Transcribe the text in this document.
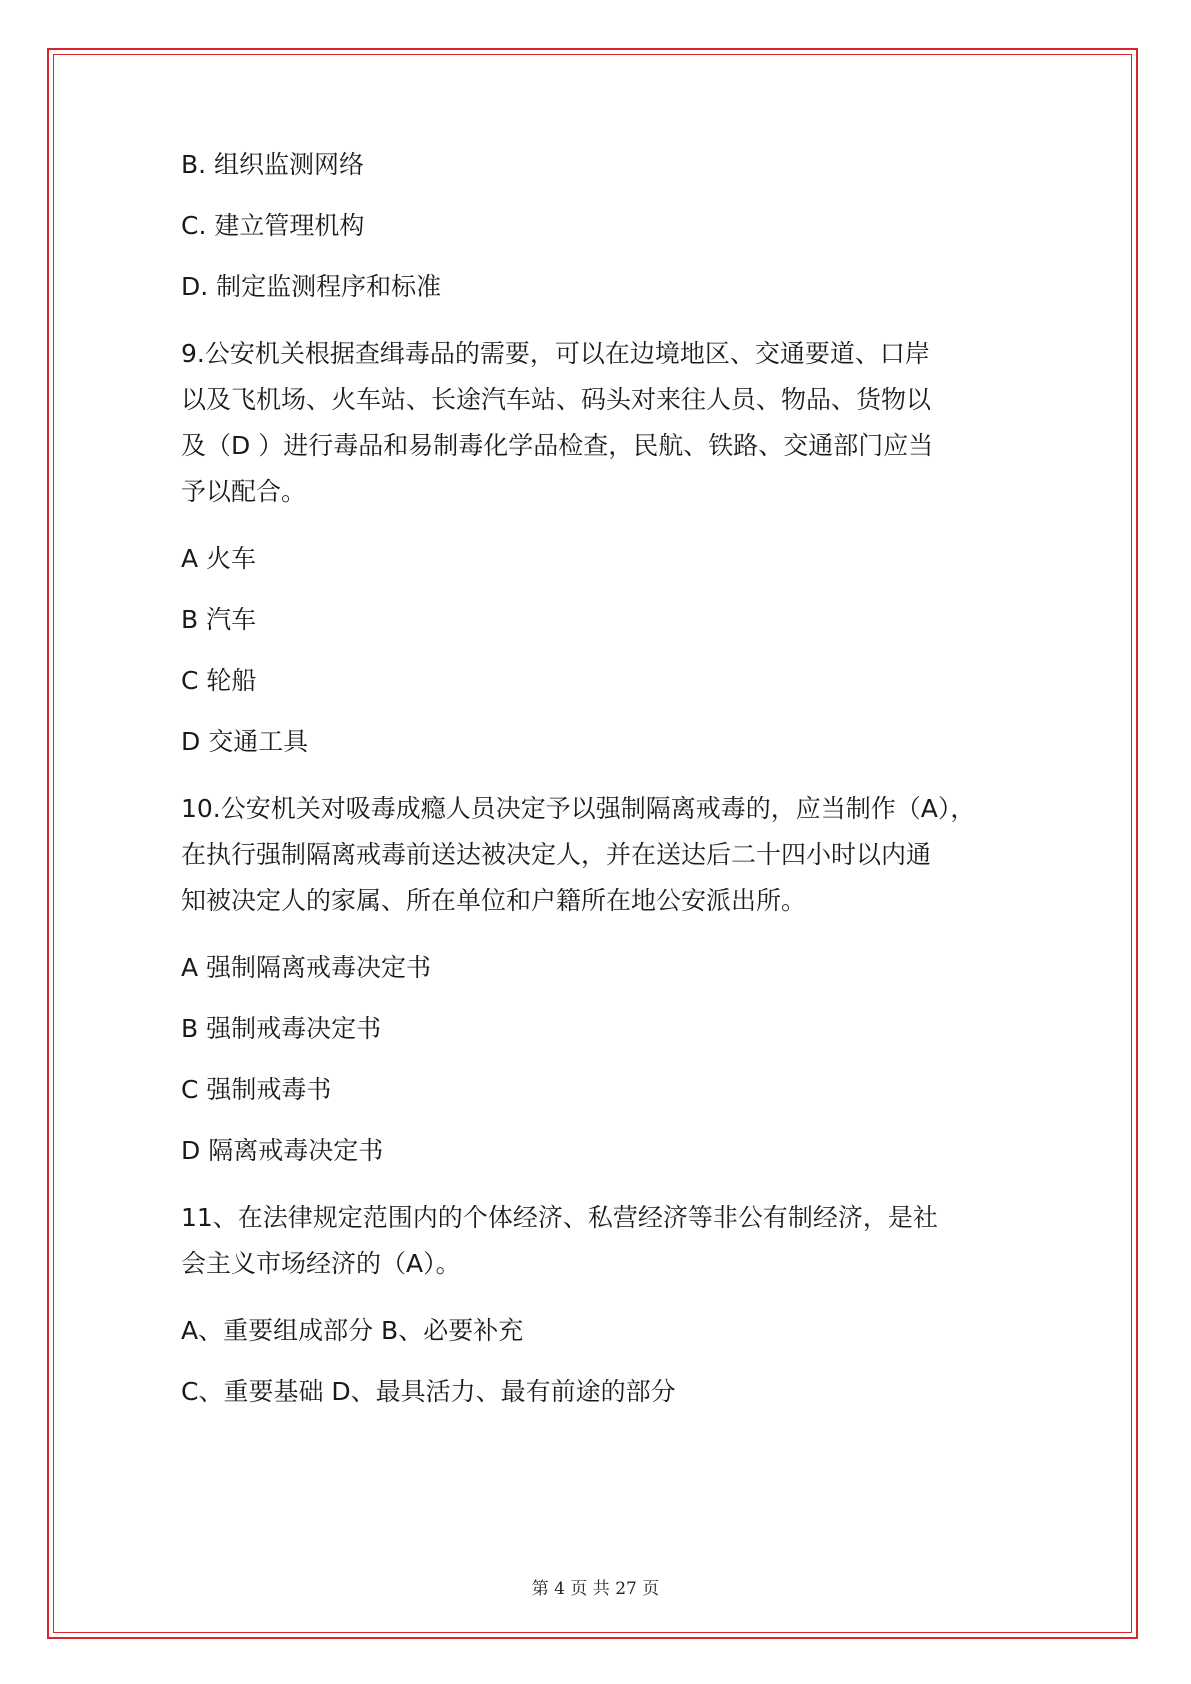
B. 组织监测网络

C. 建立管理机构

D. 制定监测程序和标准

9.公安机关根据查缉毒品的需要，可以在边境地区、交通要道、口岸

以及飞机场、火车站、长途汽车站、码头对来往人员、物品、货物以

及（D ）进行毒品和易制毒化学品检查，民航、铁路、交通部门应当

予以配合。

A 火车

B 汽车

C 轮船

D 交通工具

10.公安机关对吸毒成瘾人员决定予以强制隔离戒毒的，应当制作（A），

在执行强制隔离戒毒前送达被决定人，并在送达后二十四小时以内通

知被决定人的家属、所在单位和户籍所在地公安派出所。

A 强制隔离戒毒决定书

B 强制戒毒决定书

C 强制戒毒书

D 隔离戒毒决定书

11、在法律规定范围内的个体经济、私营经济等非公有制经济，是社

会主义市场经济的（A）。

A、重要组成部分 B、必要补充

C、重要基础 D、最具活力、最有前途的部分

第 4 页 共 27 页
